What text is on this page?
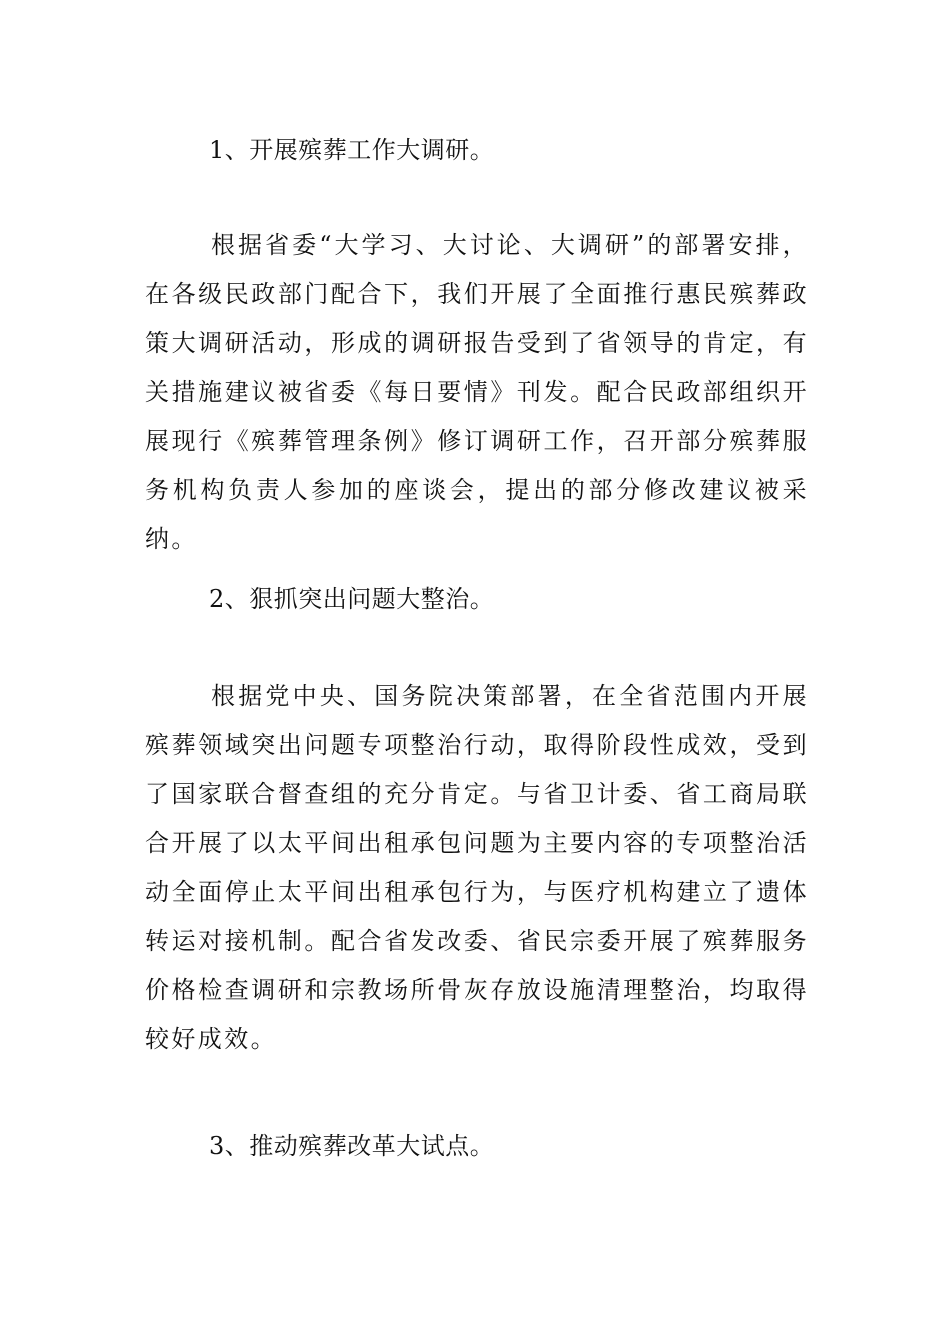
1、开展殡葬工作大调研。

根据省委“大学习、大讨论、大调研”的部署安排，在各级民政部门配合下，我们开展了全面推行惠民殡葬政策大调研活动，形成的调研报告受到了省领导的肯定，有关措施建议被省委《每日要情》刊发。配合民政部组织开展现行《殡葬管理条例》修订调研工作，召开部分殡葬服务机构负责人参加的座谈会，提出的部分修改建议被采纳。

2、狠抓突出问题大整治。

根据党中央、国务院决策部署，在全省范围内开展殡葬领域突出问题专项整治行动，取得阶段性成效，受到了国家联合督查组的充分肯定。与省卫计委、省工商局联合开展了以太平间出租承包问题为主要内容的专项整治活动全面停止太平间出租承包行为，与医疗机构建立了遗体转运对接机制。配合省发改委、省民宗委开展了殡葬服务价格检查调研和宗教场所骨灰存放设施清理整治，均取得较好成效。

3、推动殡葬改革大试点。
